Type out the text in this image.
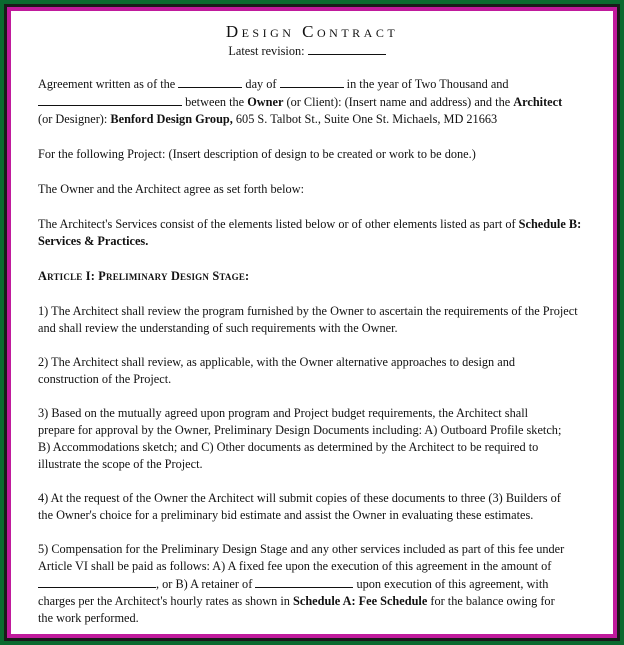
Design Contract
Latest revision:

Agreement written as of the	day of	in the year of Two Thousand and
between the Owner (or Client): (Insert name and address) and the Architect
(or Designer): Benford Design Group, 605 S. Talbot St., Suite One St. Michaels, MD 21663

For the following Project: (Insert description of design to be created or work to be done.)

The Owner and the Architect agree as set forth below:

The Architect's Services consist of the elements listed below or of other elements listed as part of Schedule B: Services & Practices.

Article I: Preliminary Design Stage:

1) The Architect shall review the program furnished by the Owner to ascertain the requirements of the Project and shall review the understanding of such requirements with the Owner.

2) The Architect shall review, as applicable, with the Owner alternative approaches to design and construction of the Project.

3) Based on the mutually agreed upon program and Project budget requirements, the Architect shall
prepare for approval by the Owner, Preliminary Design Documents including: A) Outboard Profile sketch;
B) Accommodations sketch; and C) Other documents as determined by the Architect to be required to
illustrate the scope of the Project.

4) At the request of the Owner the Architect will submit copies of these documents to three (3) Builders of
the Owner's choice for a preliminary bid estimate and assist the Owner in evaluating these estimates.

5) Compensation for the Preliminary Design Stage and any other services included as part of this fee under
Article VI shall be paid as follows: A) A fixed fee upon the execution of this agreement in the amount of
, or B) A retainer of	upon execution of this agreement, with
charges per the Architect's hourly rates as shown in Schedule A: Fee Schedule for the balance owing for
the work performed.
